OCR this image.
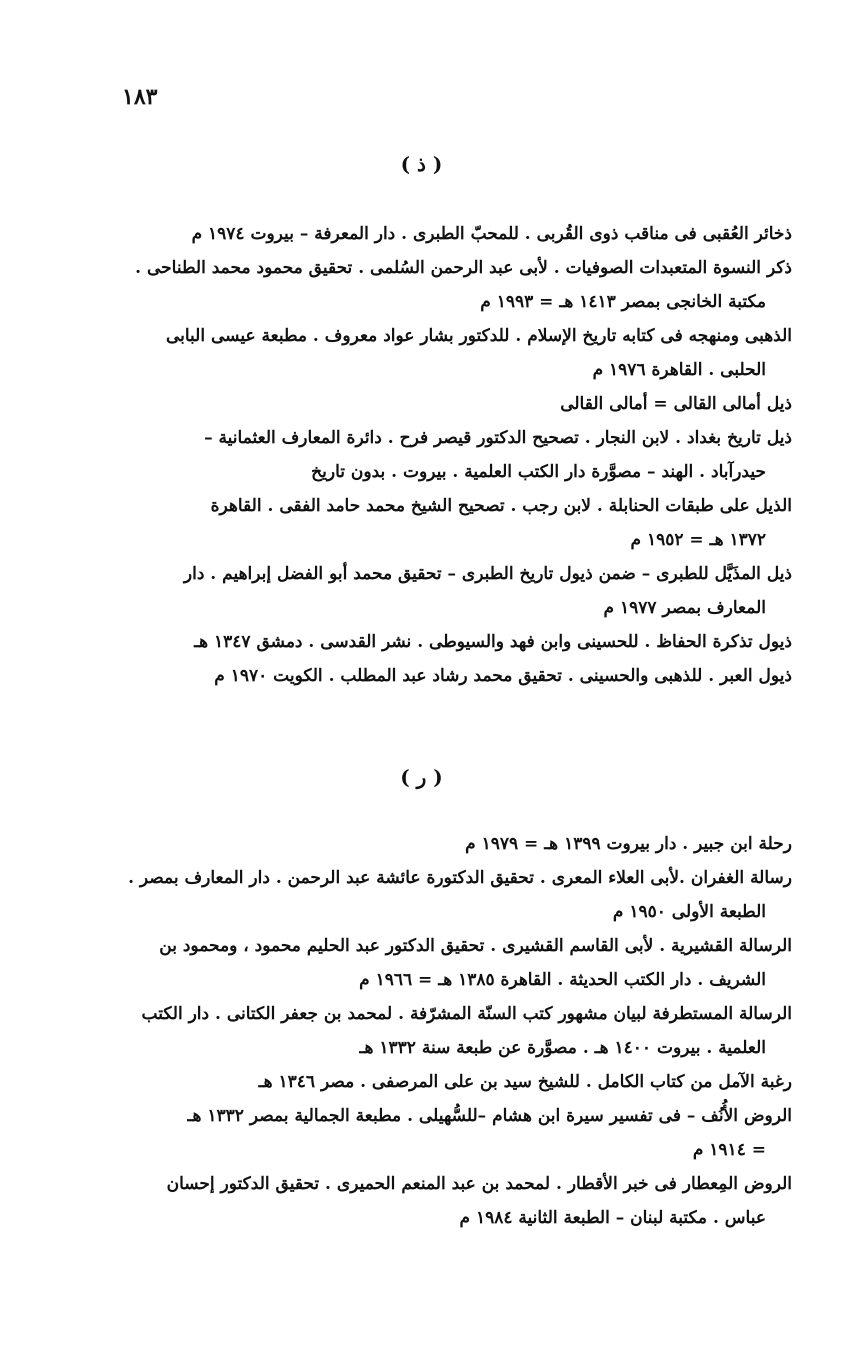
١٨٣
( ذ )
ذخائر العُقبى فى مناقب ذوى القُربى . للمحبّ الطبرى . دار المعرفة – بيروت ١٩٧٤ م
ذكر النسوة المتعبدات الصوفيات . لأبى عبد الرحمن السُلمى . تحقيق محمود محمد الطناحى .
مكتبة الخانجى بمصر ١٤١٣ هـ = ١٩٩٣ م
الذهبى ومنهجه فى كتابه تاريخ الإسلام . للدكتور بشار عواد معروف . مطبعة عيسى البابى
الحلبى . القاهرة ١٩٧٦ م
ذيل أمالى القالى = أمالى القالى
ذيل تاريخ بغداد . لابن النجار . تصحيح الدكتور قيصر فرح . دائرة المعارف العثمانية –
حيدرآباد . الهند – مصوَّرة دار الكتب العلمية . بيروت . بدون تاريخ
الذيل على طبقات الحنابلة . لابن رجب . تصحيح الشيخ محمد حامد الفقى . القاهرة
١٣٧٢ هـ = ١٩٥٢ م
ذيل المذَيَّل للطبرى – ضمن ذيول تاريخ الطبرى – تحقيق محمد أبو الفضل إبراهيم . دار
المعارف بمصر ١٩٧٧ م
ذيول تذكرة الحفاظ . للحسينى وابن فهد والسيوطى . نشر القدسى . دمشق ١٣٤٧ هـ
ذيول العبر . للذهبى والحسينى . تحقيق محمد رشاد عبد المطلب . الكويت ١٩٧٠ م
( ر )
رحلة ابن جبير . دار بيروت ١٣٩٩ هـ = ١٩٧٩ م
رسالة الغفران .لأبى العلاء المعرى . تحقيق الدكتورة عائشة عبد الرحمن . دار المعارف بمصر .
الطبعة الأولى ١٩٥٠ م
الرسالة القشيرية . لأبى القاسم القشيرى . تحقيق الدكتور عبد الحليم محمود ، ومحمود بن
الشريف . دار الكتب الحديثة . القاهرة ١٣٨٥ هـ = ١٩٦٦ م
الرسالة المستطرفة لبيان مشهور كتب السنّة المشرّفة . لمحمد بن جعفر الكتانى . دار الكتب
العلمية . بيروت ١٤٠٠ هـ . مصوَّرة عن طبعة سنة ١٣٣٢ هـ
رغبة الآمل من كتاب الكامل . للشيخ سيد بن على المرصفى . مصر ١٣٤٦ هـ
الروض الأُنُف – فى تفسير سيرة ابن هشام –للسُّهيلى . مطبعة الجمالية بمصر ١٣٣٢ هـ
= ١٩١٤ م
الروض المِعطار فى خبر الأقطار . لمحمد بن عبد المنعم الحميرى . تحقيق الدكتور إحسان
عباس . مكتبة لبنان – الطبعة الثانية ١٩٨٤ م
